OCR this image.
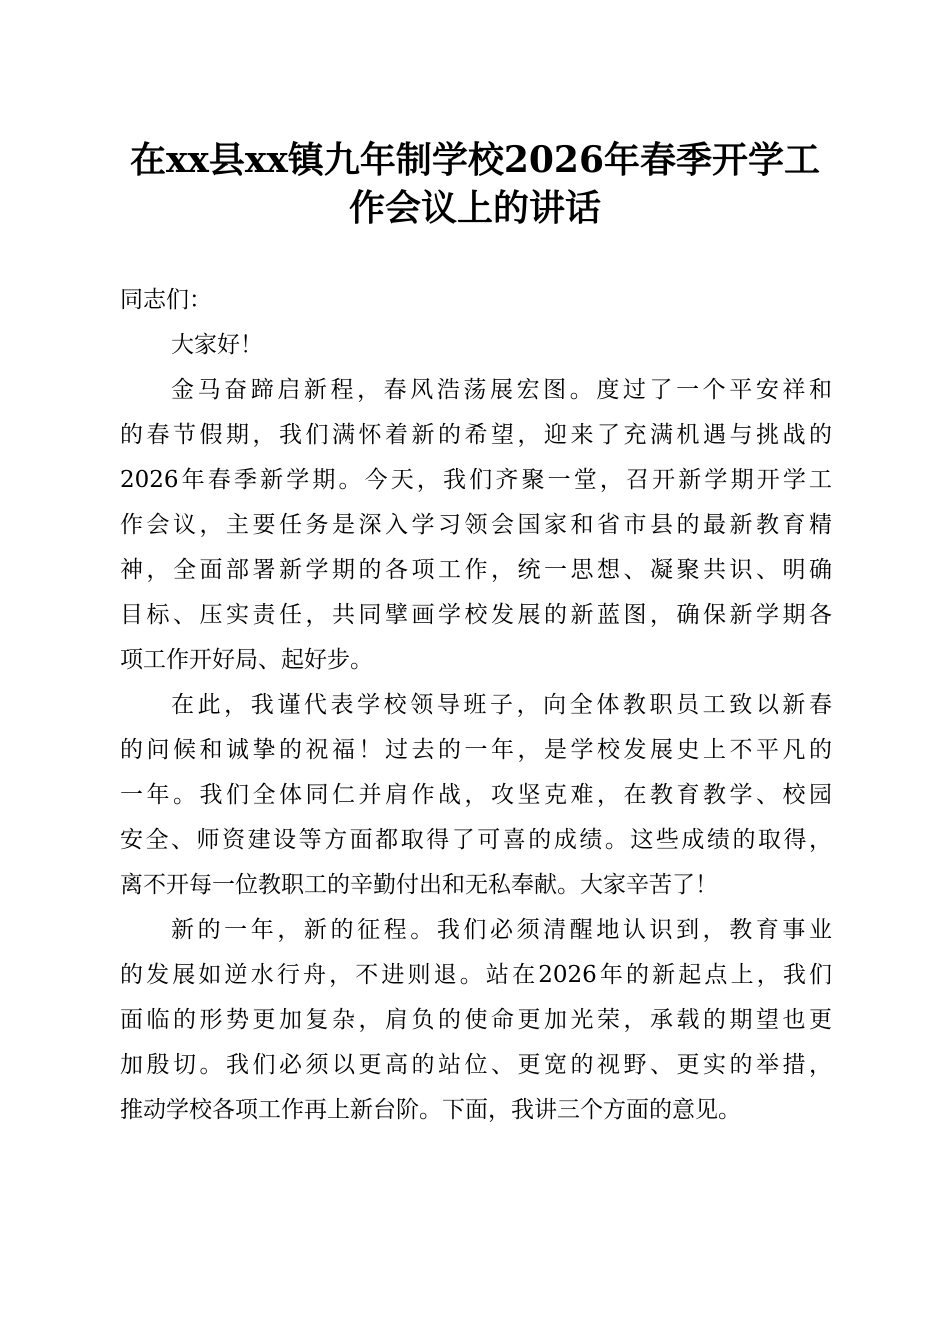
在xx县xx镇九年制学校2026年春季开学工
作会议上的讲话

同志们：

大家好！

金马奋蹄启新程，春风浩荡展宏图。度过了一个平安祥和
的春节假期，我们满怀着新的希望，迎来了充满机遇与挑战的
2026年春季新学期。今天，我们齐聚一堂，召开新学期开学工
作会议，主要任务是深入学习领会国家和省市县的最新教育精
神，全面部署新学期的各项工作，统一思想、凝聚共识、明确
目标、压实责任，共同擘画学校发展的新蓝图，确保新学期各
项工作开好局、起好步。

在此，我谨代表学校领导班子，向全体教职员工致以新春
的问候和诚挚的祝福！过去的一年，是学校发展史上不平凡的
一年。我们全体同仁并肩作战，攻坚克难，在教育教学、校园
安全、师资建设等方面都取得了可喜的成绩。这些成绩的取得，
离不开每一位教职工的辛勤付出和无私奉献。大家辛苦了！

新的一年，新的征程。我们必须清醒地认识到，教育事业
的发展如逆水行舟，不进则退。站在2026年的新起点上，我们
面临的形势更加复杂，肩负的使命更加光荣，承载的期望也更
加殷切。我们必须以更高的站位、更宽的视野、更实的举措，
推动学校各项工作再上新台阶。下面，我讲三个方面的意见。
